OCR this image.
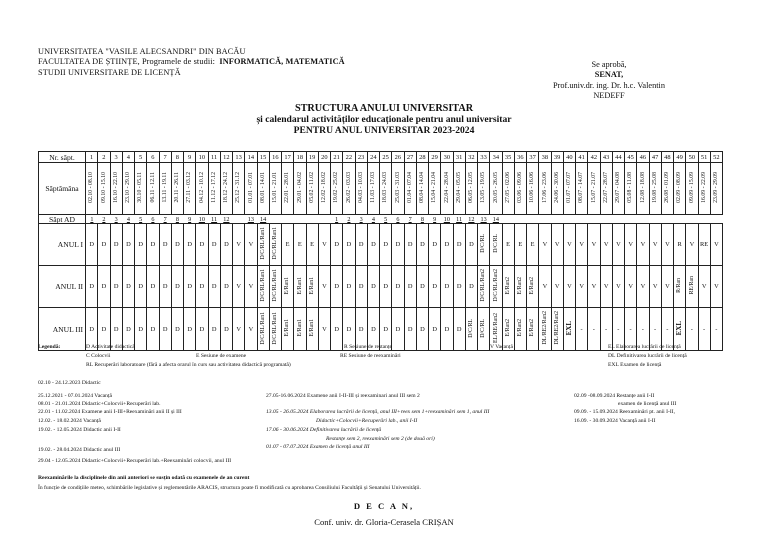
UNIVERSITATEA "VASILE ALECSANDRI" DIN BACĂU
FACULTATEA DE ȘTIINȚE, Programele de studii: INFORMATICĂ, MATEMATICĂ
STUDII UNIVERSITARE DE LICENȚĂ
Se aprobă,
SENAT,
Prof.univ.dr. ing. Dr. h.c. Valentin NEDEFF
STRUCTURA ANULUI UNIVERSITAR
și calendarul activităților educaționale pentru anul universitar
PENTRU ANUL UNIVERSITAR 2023-2024
Nr. săpt.	1	2	3	4	5	6	7	8	9	10	11	12	13	14	15	16	17	18	19	20	21	22	23	24	25	26	27	28	29	30	31	32	33	34	35	36	37	38	39	40	41	42	43	44	45	46	47	48	49	50	51	52
Săptămâna	02.10 - 08.10	09.10 - 15.10	16.10 - 22.10	23.10 - 29.10	30.10 - 05.11	06.11 - 12.11	13.11 - 19.11	20.11 - 26.11	27.11 - 03.12	04.12 - 10.12	11.12 - 17.12	18.12 - 24.12	25.12 - 31.12	01.01 - 07.01	08.01 - 14.01	15.01 - 21.01	22.01 - 28.01	29.01 - 04.02	05.02 - 11.02	12.02 - 18.02	19.02 - 25.02	26.02 - 03.03	04.03 - 10.03	11.03 - 17.03	18.03 - 24.03	25.03 - 31.03	01.04 - 07.04	08.04 - 14.04	15.04 - 21.04	22.04 - 28.04	29.04 - 05.05	06.05 - 12.05	13.05 - 19.05	20.05 - 26.05	27.05 - 02.06	03.06 - 09.06	10.06 - 16.06	17.06 - 23.06	24.06 - 30.06	01.07 - 07.07	08.07 - 14.07	15.07 - 21.07	22.07 - 28.07	29.07 - 04.08	05.08 - 11.08	12.08 - 18.08	19.08 - 25.08	26.08 - 01.09	02.09 - 08.09	09.09 - 15.09	16.09 - 22.09	23.09 - 29.09
Săpt AD	1	2	3	4	5	6	7	8	9	10	11	12		13	14						1	2	3	4	5	6	7	8	9	10	11	12	13	14																		
ANUL I	D	D	D	D	D	D	D	D	D	D	D	D	V	V	D/C/RL/Ran1	D/C/RL/Ran1	E	E	E	V	D	D	D	D	D	D	D	D	D	D	D	D	D/C/RL	D/C/RL	E	E	E	V	V	V	V	V	V	V	V	V	V	V	R	V	RE	V
ANUL II	D	D	D	D	D	D	D	D	D	D	D	D	V	V	D/C/RL/Ran1	D/C/RL/Ran1	E/Ran1	E/Ran1	E/Ran1	V	D	D	D	D	D	D	D	D	D	D	D	D	D/C/RL/Ran2	D/C/RL/Ran2	E/Ran2	E/Ran2	E/Ran2	V	V	V	V	V	V	V	V	V	V	V	R/Ran	RE/Ran	V	V
ANUL III	D	D	D	D	D	D	D	D	D	D	D	D	V	V	D/C/RL/Ran1	D/C/RL/Ran1	E/Ran1	E/Ran1	E/Ran1	V	D	D	D	D	D	D	D	D	D	D	D	D/C/RL	D/C/RL	EL/RE/Ran2	E/Ran2	E/Ran2	E/Ran2	DL/RE2/Ran2	DL/RE2/Ran2	EXL	-	-	-	-	-	-	-	-	EXL	-	-	-
Legendă:	D Activitate didactică
C Colocvii	E Sesiune de examene
RL Recuperări laboratoare (fără a afecta orarul în curs sau activitatea didactică programată)
R Sesiune de restanțe
RE Sesiune de reexaminări
V Vacanță	EL Elaborarea lucrării de licență
DL Definitivarea lucrării de licență
EXL Examen de licență
02.10 - 24.12.2023 Didactic
25.12.2021 - 07.01.2024 Vacanță
08.01 - 21.01.2024 Didactic+Colocvii+Recuperări lab.
22.01 - 11.02.2024 Examene anii I-III+Reexaminări anii II și III
12.02. - 18.02.2024 Vacanță
19.02. - 12.05.2024 Didactic anii I-II
19.02. - 28.04.2024 Didactic anul III
29.04 - 12.05.2024 Didactic+Colocvii+Recuperări lab.+Reexaminări colocvii, anul III
27.05-16.06.2024 Examene anii I-II-III și reexaminari anul III sem 2
13.05 - 26.05.2024 Elaborarea lucrării de licență, anul III+reex sem 1+reexaminări sem 1, anul III
Didactic+Colocvii+Recuperări lab., anii I-II
17.06 - 30.06.2024 Definitivarea lucrării de licență
Restanțe sem 2, reexaminări sem 2 (de două ori)
01.07 - 07.07.2024 Examen de licență anul III
02.09 -08.09.2024 Restanțe anii I-II
examen de licență anul III
09.09. - 15.09.2024 Reexaminări pt. anii I-II,
16.09. - 30.09.2024 Vacanță anii I-II
Reexaminările la disciplinele din anii anteriori se susțin odată cu examenele de an curent
În funcție de condițiile meteo, schimbările legislative și reglementările ARACIS, structura poate fi modificată cu aprobarea Consiliului Facultății și Senatului Universității.
D E C A N,
Conf. univ. dr. Gloria-Cerasela CRIȘAN
